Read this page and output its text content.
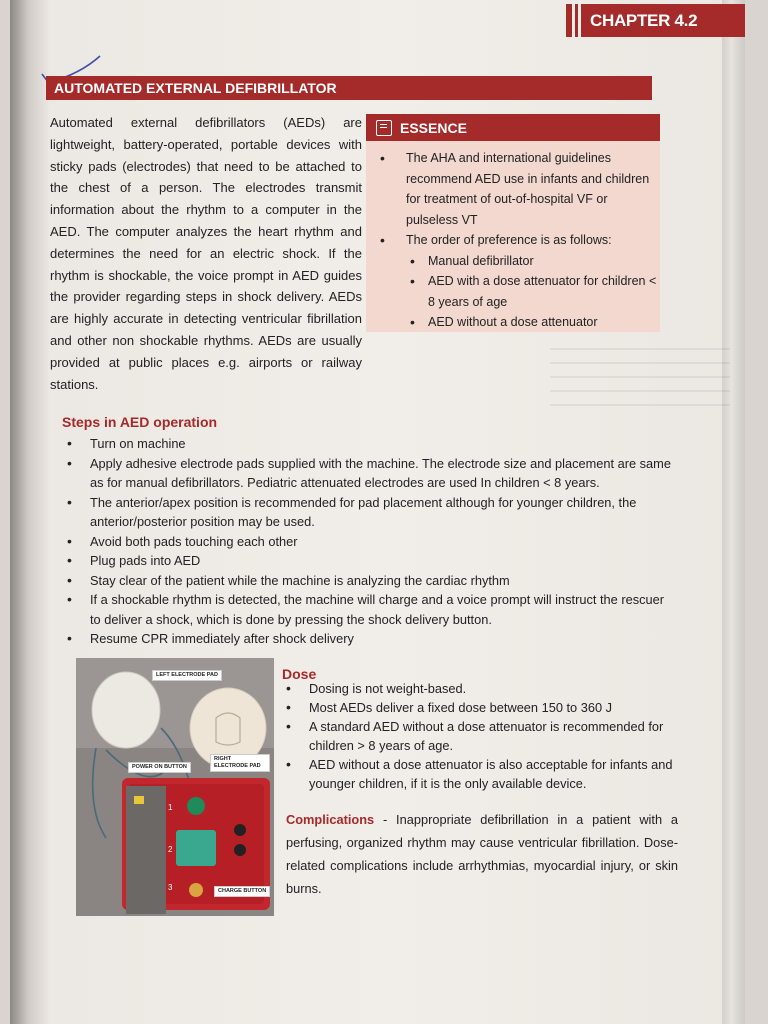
CHAPTER 4.2
AUTOMATED EXTERNAL DEFIBRILLATOR
Automated external defibrillators (AEDs) are lightweight, battery-operated, portable devices with sticky pads (electrodes) that need to be attached to the chest of a person. The electrodes transmit information about the rhythm to a computer in the AED. The computer analyzes the heart rhythm and determines the need for an electric shock. If the rhythm is shockable, the voice prompt in AED guides the provider regarding steps in shock delivery. AEDs are highly accurate in detecting ventricular fibrillation and other non shockable rhythms. AEDs are usually provided at public places e.g. airports or railway stations.
ESSENCE
• The AHA and international guidelines recommend AED use in infants and children for treatment of out-of-hospital VF or pulseless VT
• The order of preference is as follows:
• Manual defibrillator
• AED with a dose attenuator for children < 8 years of age
• AED without a dose attenuator
Steps in AED operation
• Turn on machine
• Apply adhesive electrode pads supplied with the machine. The electrode size and placement are same as for manual defibrillators. Pediatric attenuated electrodes are used In children < 8 years.
• The anterior/apex position is recommended for pad placement although for younger children, the anterior/posterior position may be used.
• Avoid both pads touching each other
• Plug pads into AED
• Stay clear of the patient while the machine is analyzing the cardiac rhythm
• If a shockable rhythm is detected, the machine will charge and a voice prompt will instruct the rescuer to deliver a shock, which is done by pressing the shock delivery button.
• Resume CPR immediately after shock delivery
1
2
3
LEFT ELECTRODE PAD
POWER ON BUTTON
RIGHT ELECTRODE PAD
CHARGE BUTTON
Dose
• Dosing is not weight-based.
• Most AEDs deliver a fixed dose between 150 to 360 J
• A standard AED without a dose attenuator is recommended for children > 8 years of age.
• AED without a dose attenuator is also acceptable for infants and younger children, if it is the only available device.
Complications - Inappropriate defibrillation in a patient with a perfusing, organized rhythm may cause ventricular fibrillation. Dose-related complications include arrhythmias, myocardial injury, or skin burns.
